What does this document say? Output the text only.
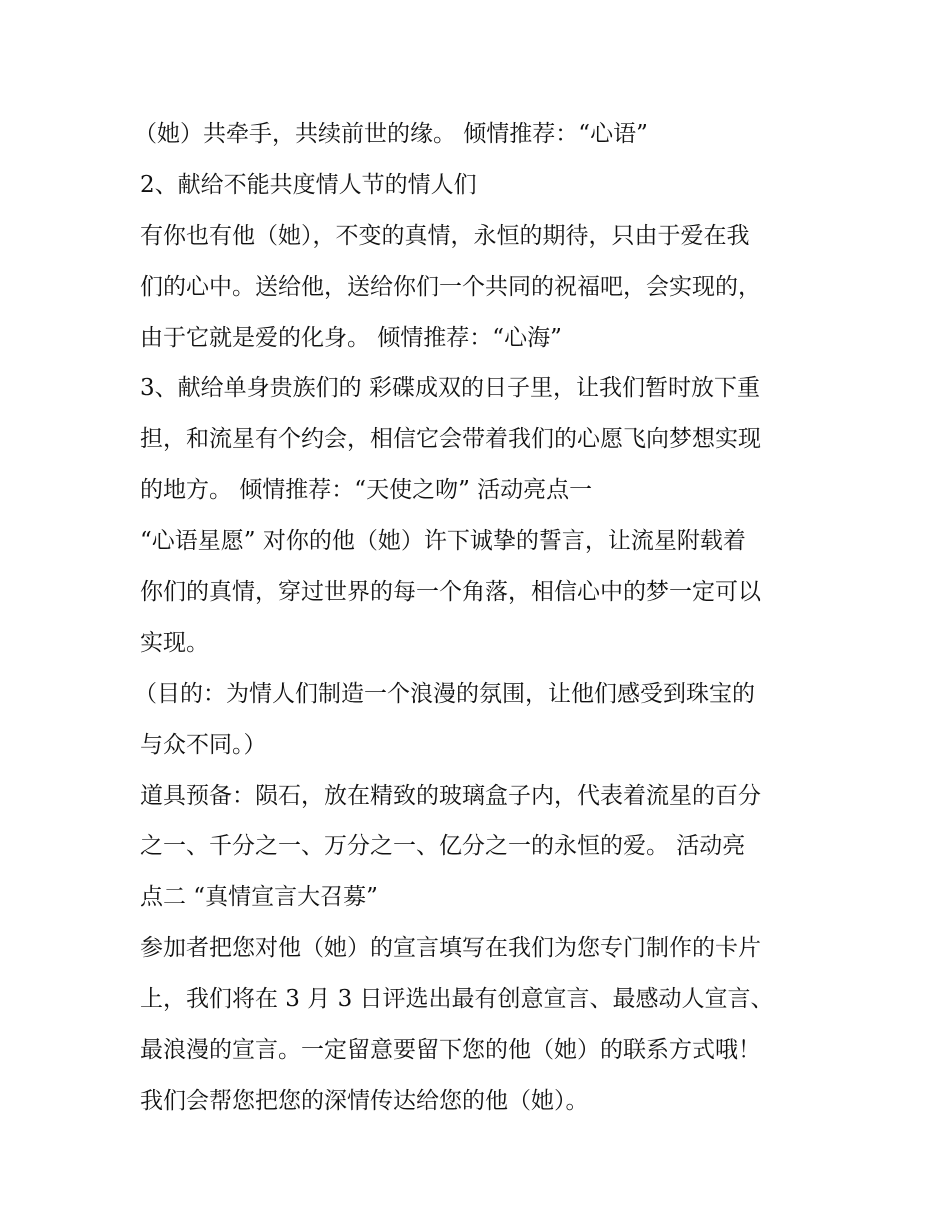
（她）共牵手，共续前世的缘。 倾情推荐：“心语”
2、献给不能共度情人节的情人们
有你也有他（她），不变的真情，永恒的期待，只由于爱在我
们的心中。送给他，送给你们一个共同的祝福吧，会实现的，
由于它就是爱的化身。 倾情推荐：“心海”
3、献给单身贵族们的 彩碟成双的日子里，让我们暂时放下重
担，和流星有个约会，相信它会带着我们的心愿飞向梦想实现
的地方。 倾情推荐：“天使之吻” 活动亮点一
“心语星愿” 对你的他（她）许下诚挚的誓言，让流星附载着
你们的真情，穿过世界的每一个角落，相信心中的梦一定可以
实现。
（目的：为情人们制造一个浪漫的氛围，让他们感受到珠宝的
与众不同。）
道具预备：陨石，放在精致的玻璃盒子内，代表着流星的百分
之一、千分之一、万分之一、亿分之一的永恒的爱。 活动亮
点二 “真情宣言大召募”
参加者把您对他（她）的宣言填写在我们为您专门制作的卡片
上，我们将在 3 月 3 日评选出最有创意宣言、最感动人宣言、
最浪漫的宣言。一定留意要留下您的他（她）的联系方式哦！
我们会帮您把您的深情传达给您的他（她）。
